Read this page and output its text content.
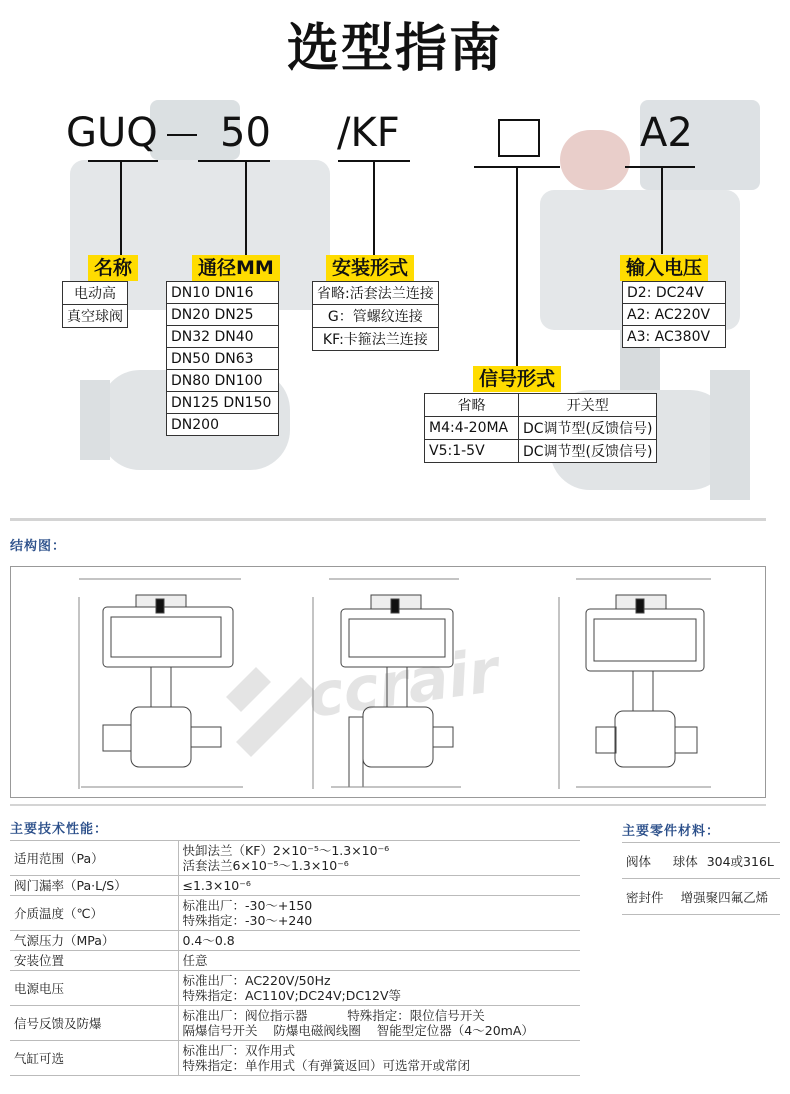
选型指南
GUQ 50 /KF	A2
名称
电动高
真空球阀
通径MM
DN10 DN16
DN20 DN25
DN32 DN40
DN50 DN63
DN80 DN100
DN125 DN150
DN200
安装形式
省略:活套法兰连接
G：管螺纹连接
KF:卡箍法兰连接
输入电压
D2: DC24V
A2: AC220V
A3: AC380V
信号形式
省略	开关型
M4:4-20MA	DC调节型(反馈信号)
V5:1-5V	DC调节型(反馈信号)
结构图：
ccrair
主要技术性能：
适用范围（Pa）	快卸法兰（KF）2×10⁻⁵～1.3×10⁻⁶
活套法兰6×10⁻⁵～1.3×10⁻⁶

阀门漏率（Pa·L/S）	≤1.3×10⁻⁶

介质温度（℃）	标准出厂：-30～+150
特殊指定：-30～+240

气源压力（MPa）	0.4～0.8

安装位置	任意

电源电压	标准出厂：AC220V/50Hz
特殊指定：AC110V;DC24V;DC12V等

信号反馈及防爆	标准出厂：阀位指示器          特殊指定：限位信号开关
隔爆信号开关    防爆电磁阀线圈    智能型定位器（4～20mA）

气缸可选	标准出厂：双作用式
特殊指定：单作用式（有弹簧返回）可选常开或常闭
主要零件材料：
阀体	球体	304或316L
密封件	增强聚四氟乙烯	
